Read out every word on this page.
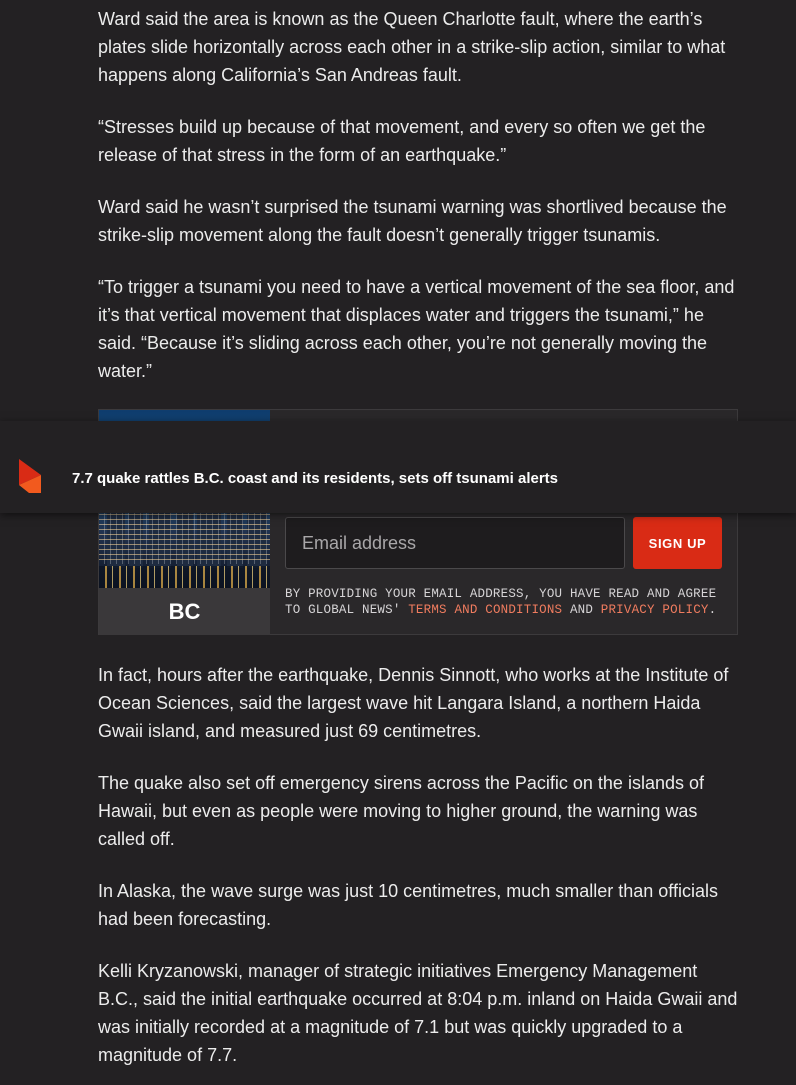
Ward said the area is known as the Queen Charlotte fault, where the earth’s plates slide horizontally across each other in a strike-slip action, similar to what happens along California’s San Andreas fault.

“Stresses build up because of that movement, and every so often we get the release of that stress in the form of an earthquake.”

Ward said he wasn’t surprised the tsunami warning was shortlived because the strike-slip movement along the fault doesn’t generally trigger tsunamis.

“To trigger a tsunami you need to have a vertical movement of the sea floor, and it’s that vertical movement that displaces water and triggers the tsunami,” he said. “Because it’s sliding across each other, you’re not generally moving the water.”

BC
Email address
SIGN UP
BY PROVIDING YOUR EMAIL ADDRESS, YOU HAVE READ AND AGREE TO GLOBAL NEWS' TERMS AND CONDITIONS AND PRIVACY POLICY.

In fact, hours after the earthquake, Dennis Sinnott, who works at the Institute of Ocean Sciences, said the largest wave hit Langara Island, a northern Haida Gwaii island, and measured just 69 centimetres.

The quake also set off emergency sirens across the Pacific on the islands of Hawaii, but even as people were moving to higher ground, the warning was called off.

In Alaska, the wave surge was just 10 centimetres, much smaller than officials had been forecasting.

Kelli Kryzanowski, manager of strategic initiatives Emergency Management B.C., said the initial earthquake occurred at 8:04 p.m. inland on Haida Gwaii and was initially recorded at a magnitude of 7.1 but was quickly upgraded to a magnitude of 7.7.

7.7 quake rattles B.C. coast and its residents, sets off tsunami alerts
